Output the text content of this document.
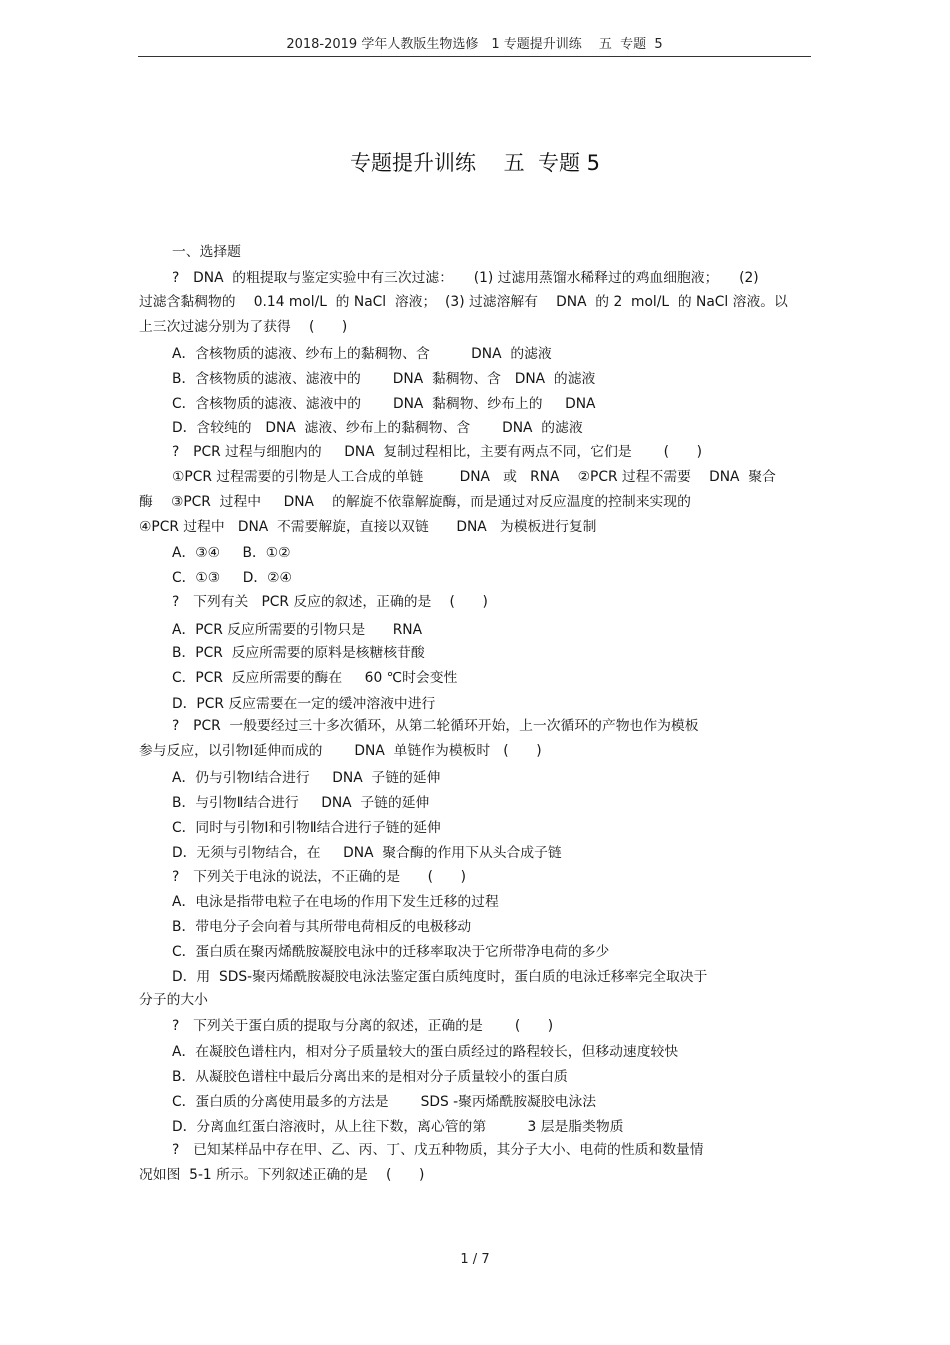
2018-2019 学年人教版生物选修　1 专题提升训练　 五  专题  5
专题提升训练　 五  专题 5
一、选择题
?　DNA  的粗提取与鉴定实验中有三次过滤：　　(1) 过滤用蒸馏水稀释过的鸡血细胞液；　　(2)
过滤含黏稠物的　 0.14 mol/L  的 NaCl  溶液；  (3) 过滤溶解有　 DNA  的 2  mol/L  的 NaCl 溶液。以
上三次过滤分别为了获得　 (　　)
A．含核物质的滤液、纱布上的黏稠物、含　　　DNA  的滤液
B．含核物质的滤液、滤液中的　　 DNA  黏稠物、含　DNA  的滤液
C．含核物质的滤液、滤液中的　　 DNA  黏稠物、纱布上的　  DNA
D．含较纯的　DNA  滤液、纱布上的黏稠物、含　　 DNA  的滤液
?　PCR 过程与细胞内的　  DNA  复制过程相比，主要有两点不同，它们是　　 (　　)
①PCR 过程需要的引物是人工合成的单链　　  DNA   或   RNA　 ②PCR 过程不需要　 DNA  聚合
酶　 ③PCR  过程中　  DNA　 的解旋不依靠解旋酶，而是通过对反应温度的控制来实现的
④PCR 过程中   DNA  不需要解旋，直接以双链　　DNA   为模板进行复制
A．③④　  B．①②
C．①③　  D．②④
?　下列有关   PCR 反应的叙述，正确的是　 (　　)
A．PCR 反应所需要的引物只是　　RNA
B．PCR  反应所需要的原料是核糖核苷酸
C．PCR  反应所需要的酶在　  60 ℃时会变性
D．PCR 反应需要在一定的缓冲溶液中进行
?　PCR  一般要经过三十多次循环，从第二轮循环开始，上一次循环的产物也作为模板
参与反应，以引物Ⅰ延伸而成的　　 DNA  单链作为模板时   (　　)
A．仍与引物Ⅰ结合进行　  DNA  子链的延伸
B．与引物Ⅱ结合进行　  DNA  子链的延伸
C．同时与引物Ⅰ和引物Ⅱ结合进行子链的延伸
D．无须与引物结合，在　  DNA  聚合酶的作用下从头合成子链
?　下列关于电泳的说法，不正确的是　　(　　)
A．电泳是指带电粒子在电场的作用下发生迁移的过程
B．带电分子会向着与其所带电荷相反的电极移动
C．蛋白质在聚丙烯酰胺凝胶电泳中的迁移率取决于它所带净电荷的多少
D．用  SDS-聚丙烯酰胺凝胶电泳法鉴定蛋白质纯度时，蛋白质的电泳迁移率完全取决于
分子的大小
?　下列关于蛋白质的提取与分离的叙述，正确的是　　 (　　)
A．在凝胶色谱柱内，相对分子质量较大的蛋白质经过的路程较长，但移动速度较快
B．从凝胶色谱柱中最后分离出来的是相对分子质量较小的蛋白质
C．蛋白质的分离使用最多的方法是　　 SDS -聚丙烯酰胺凝胶电泳法
D．分离血红蛋白溶液时，从上往下数，离心管的第　　　3 层是脂类物质
?　已知某样品中存在甲、乙、丙、丁、戊五种物质，其分子大小、电荷的性质和数量情
况如图  5-1 所示。下列叙述正确的是　 (　　)
1 / 7
